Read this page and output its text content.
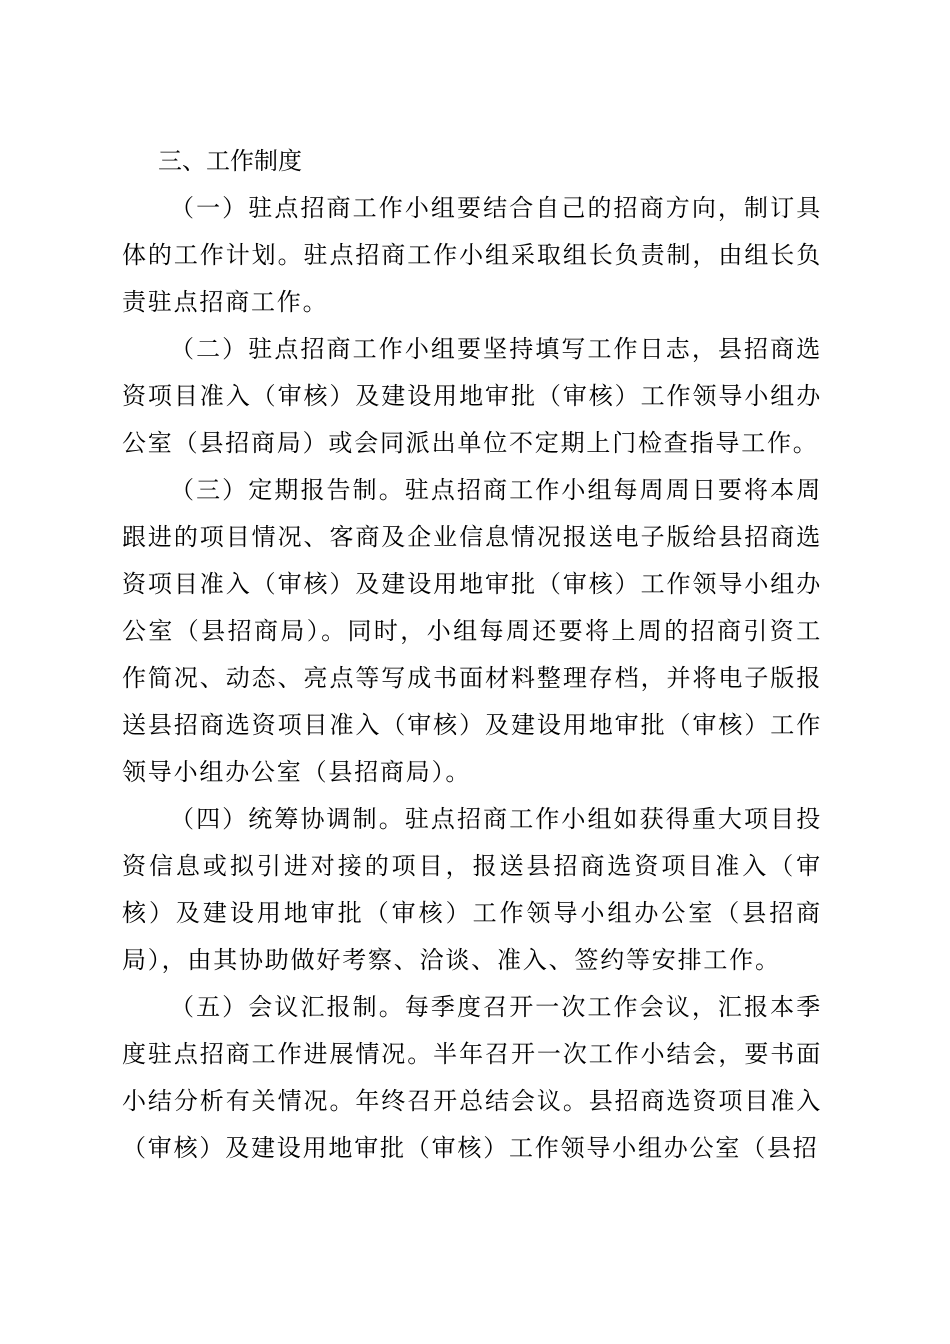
三、工作制度

（一）驻点招商工作小组要结合自己的招商方向，制订具体的工作计划。驻点招商工作小组采取组长负责制，由组长负责驻点招商工作。

（二）驻点招商工作小组要坚持填写工作日志，县招商选资项目准入（审核）及建设用地审批（审核）工作领导小组办公室（县招商局）或会同派出单位不定期上门检查指导工作。

（三）定期报告制。驻点招商工作小组每周周日要将本周跟进的项目情况、客商及企业信息情况报送电子版给县招商选资项目准入（审核）及建设用地审批（审核）工作领导小组办公室（县招商局）。同时，小组每周还要将上周的招商引资工作简况、动态、亮点等写成书面材料整理存档，并将电子版报送县招商选资项目准入（审核）及建设用地审批（审核）工作领导小组办公室（县招商局）。

（四）统筹协调制。驻点招商工作小组如获得重大项目投资信息或拟引进对接的项目，报送县招商选资项目准入（审核）及建设用地审批（审核）工作领导小组办公室（县招商局），由其协助做好考察、洽谈、准入、签约等安排工作。

（五）会议汇报制。每季度召开一次工作会议，汇报本季度驻点招商工作进展情况。半年召开一次工作小结会，要书面小结分析有关情况。年终召开总结会议。县招商选资项目准入（审核）及建设用地审批（审核）工作领导小组办公室（县招
